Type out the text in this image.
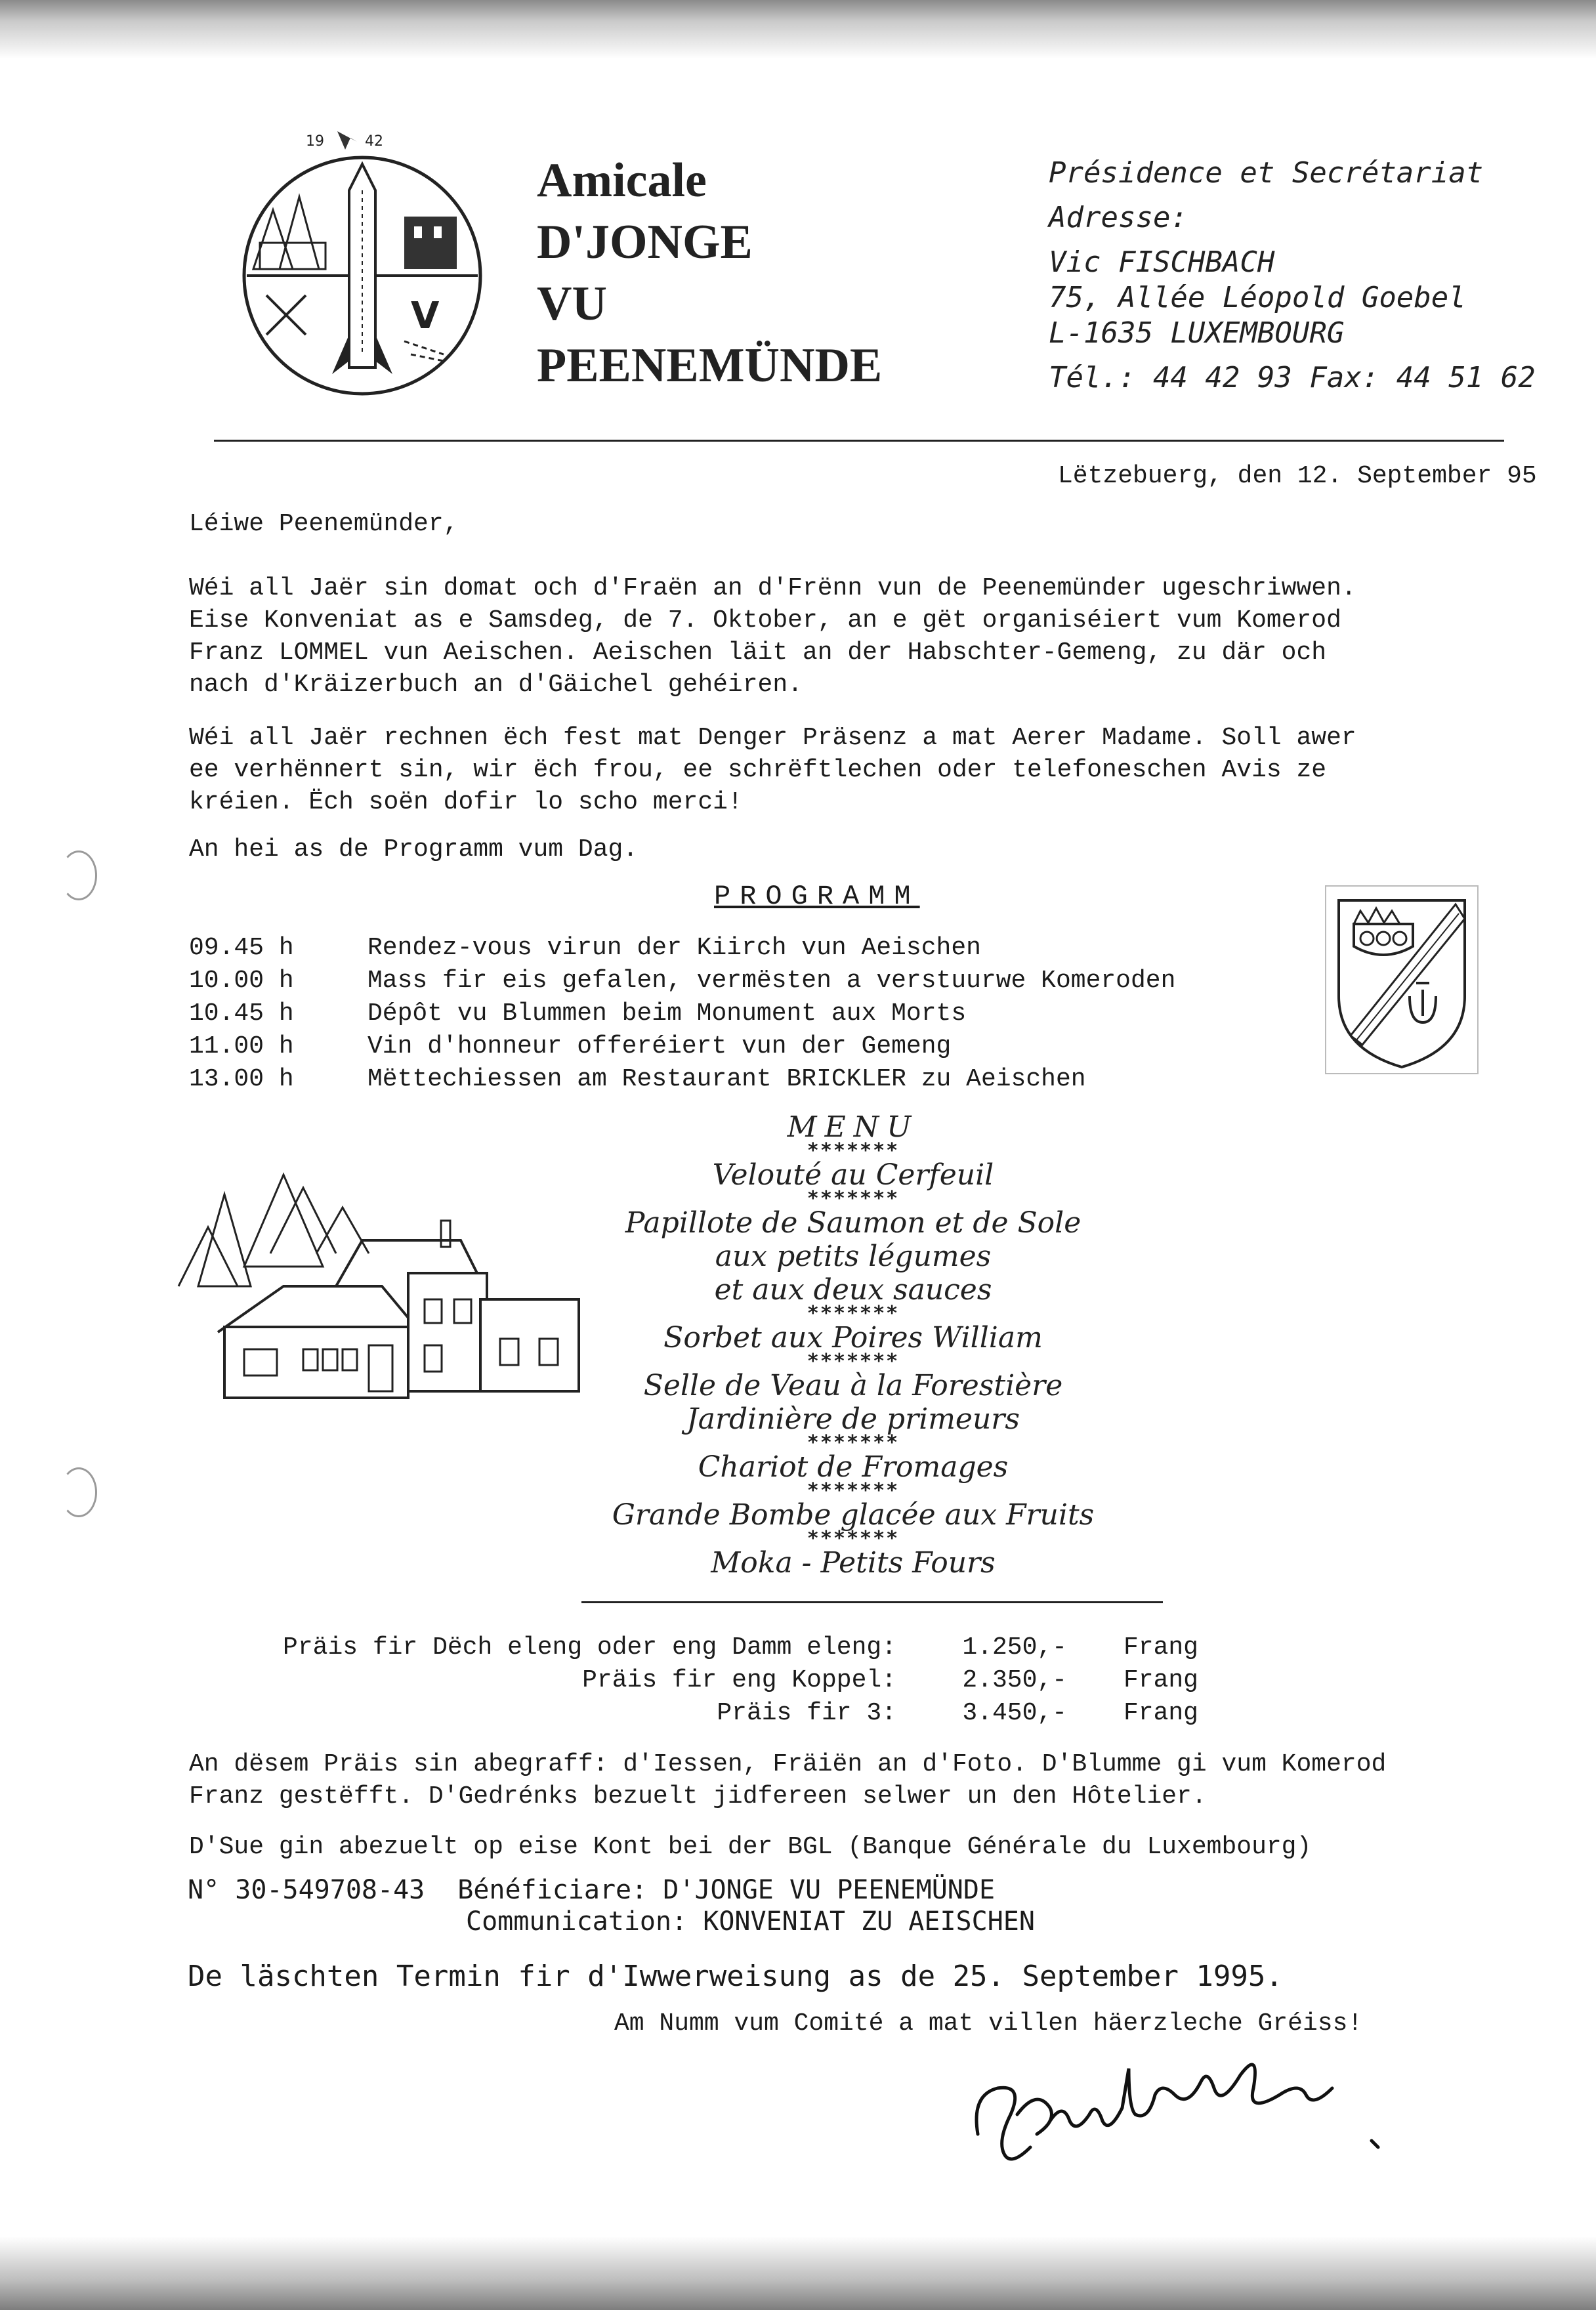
19	42
V
Amicale
D'JONGE
VU
PEENEMÜNDE
Présidence et Secrétariat
Adresse:
Vic FISCHBACH
75, Allée Léopold Goebel
L-1635 LUXEMBOURG
Tél.: 44 42 93 Fax: 44 51 62
Lëtzebuerg, den 12. September 95
Léiwe Peenemünder,
Wéi all Jaër sin domat och d'Fraën an d'Frënn vun de Peenemünder ugeschriwwen.
Eise Konveniat as e Samsdeg, de 7. Oktober, an e gët organiséiert vum Komerod
Franz LOMMEL vun Aeischen. Aeischen läit an der Habschter-Gemeng, zu där och
nach d'Kräizerbuch an d'Gäichel gehéiren.
Wéi all Jaër rechnen ëch fest mat Denger Präsenz a mat Aerer Madame. Soll awer
ee verhënnert sin, wir ëch frou, ee schrëftlechen oder telefoneschen Avis ze
kréien. Ëch soën dofir lo scho merci!
An hei as de Programm vum Dag.
PROGRAMM
09.45 h	Rendez-vous virun der Kiirch vun Aeischen
10.00 h	Mass fir eis gefalen, vermësten a verstuurwe Komeroden
10.45 h	Dépôt vu Blummen beim Monument aux Morts
11.00 h	Vin d'honneur offeréiert vun der Gemeng
13.00 h	Mëttechiessen am Restaurant BRICKLER zu Aeischen
MENU
*******
Velouté au Cerfeuil
*******
Papillote de Saumon et de Sole
aux petits légumes
et aux deux sauces
*******
Sorbet aux Poires William
*******
Selle de Veau à la Forestière
Jardinière de primeurs
*******
Chariot de Fromages
*******
Grande Bombe glacée aux Fruits
*******
Moka - Petits Fours
Präis fir Dëch eleng oder eng Damm eleng:	1.250,- Frang
Präis fir eng Koppel:	2.350,- Frang
Präis fir 3:	3.450,- Frang
An dësem Präis sin abegraff: d'Iessen, Fräiën an d'Foto. D'Blumme gi vum Komerod
Franz gestëfft. D'Gedrénks bezuelt jidfereen selwer un den Hôtelier.
D'Sue gin abezuelt op eise Kont bei der BGL (Banque Générale du Luxembourg)
N° 30-549708-43 Bénéficiare: D'JONGE VU PEENEMÜNDE
Communication: KONVENIAT ZU AEISCHEN
De läschten Termin fir d'Iwwerweisung as de 25. September 1995.
Am Numm vum Comité a mat villen häerzleche Gréiss!
